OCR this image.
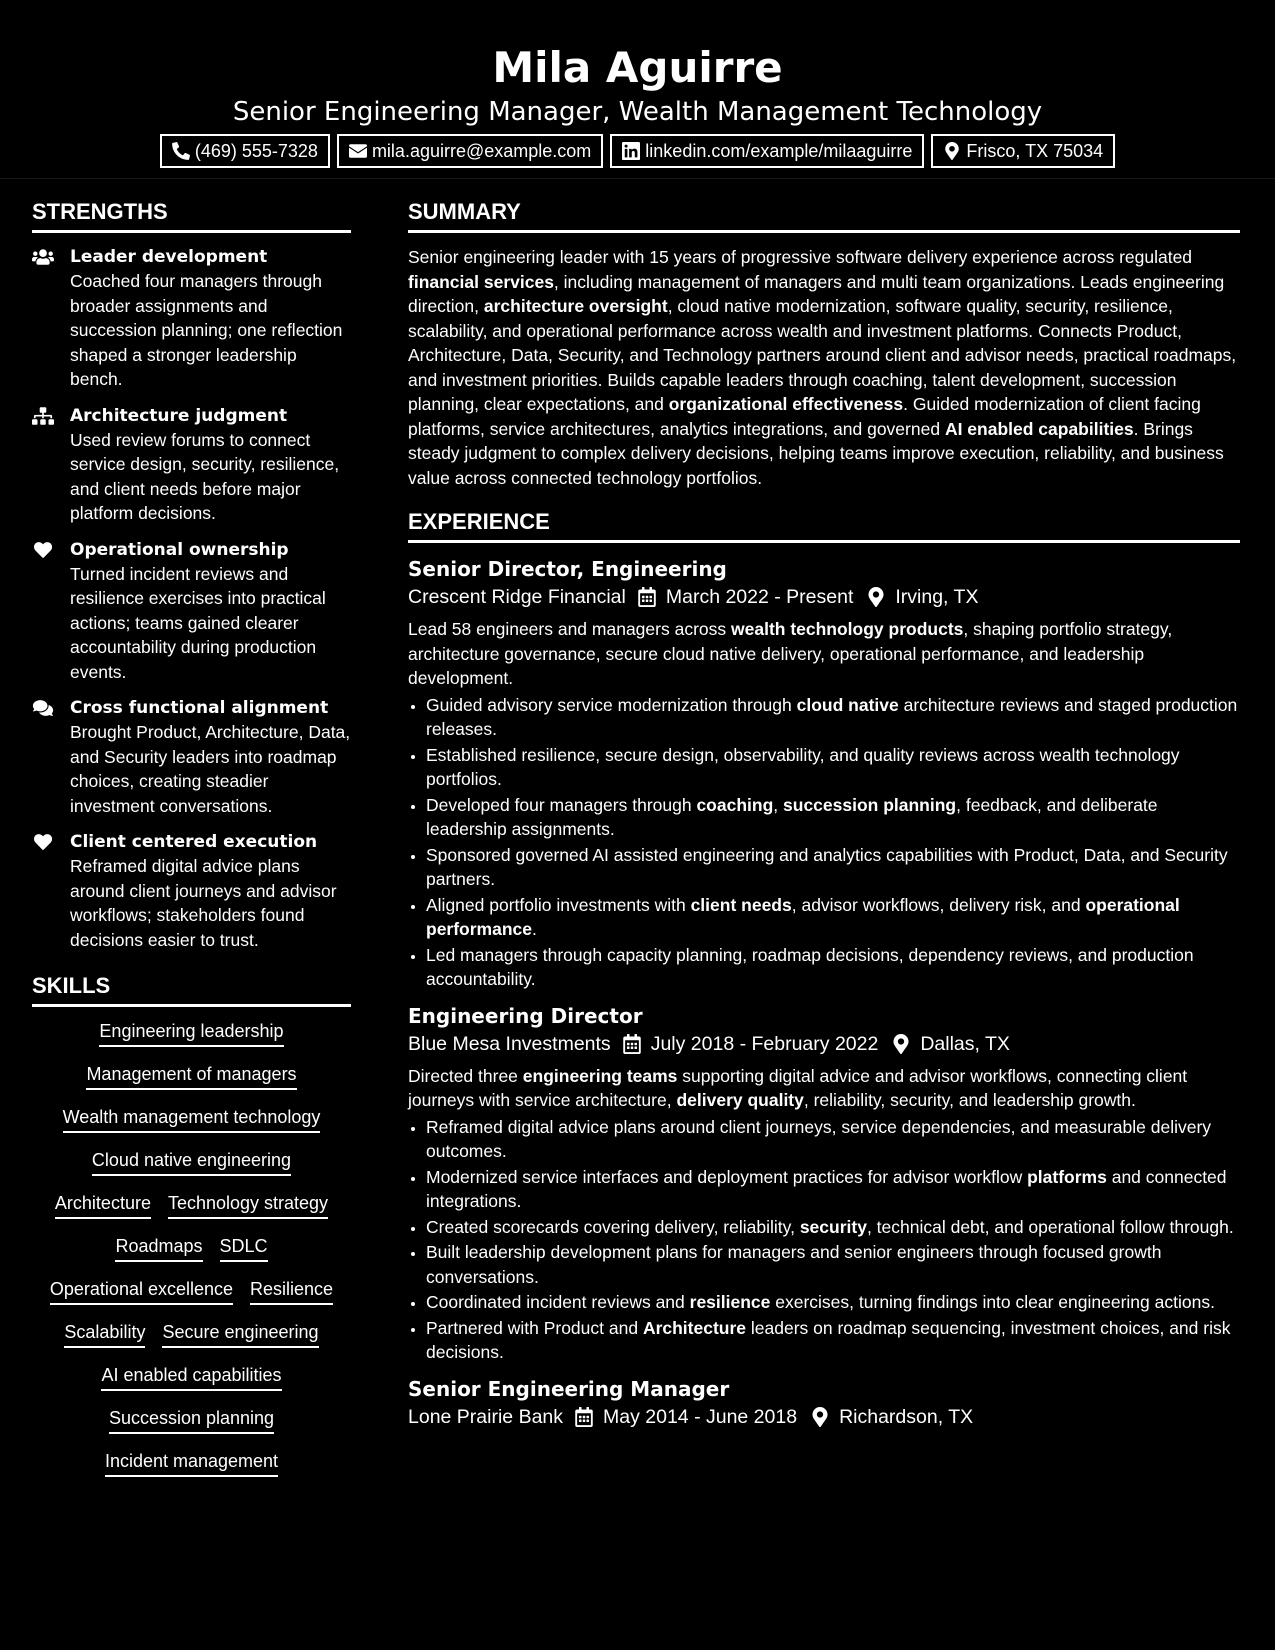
Mila Aguirre
Senior Engineering Manager, Wealth Management Technology
(469) 555-7328	mila.aguirre@example.com	linkedin.com/example/milaaguirre	Frisco, TX 75034
STRENGTHS
Leader development
Coached four managers through broader assignments and succession planning; one reflection shaped a stronger leadership bench.
Architecture judgment
Used review forums to connect service design, security, resilience, and client needs before major platform decisions.
Operational ownership
Turned incident reviews and resilience exercises into practical actions; teams gained clearer accountability during production events.
Cross functional alignment
Brought Product, Architecture, Data, and Security leaders into roadmap choices, creating steadier investment conversations.
Client centered execution
Reframed digital advice plans around client journeys and advisor workflows; stakeholders found decisions easier to trust.
SKILLS
Engineering leadership
Management of managers
Wealth management technology
Cloud native engineering
Architecture Technology strategy
Roadmaps SDLC
Operational excellence Resilience
Scalability Secure engineering
AI enabled capabilities
Succession planning
Incident management
SUMMARY

Senior engineering leader with 15 years of progressive software delivery experience across regulated financial services, including management of managers and multi team organizations. Leads engineering direction, architecture oversight, cloud native modernization, software quality, security, resilience, scalability, and operational performance across wealth and investment platforms. Connects Product, Architecture, Data, Security, and Technology partners around client and advisor needs, practical roadmaps, and investment priorities. Builds capable leaders through coaching, talent development, succession planning, clear expectations, and organizational effectiveness. Guided modernization of client facing platforms, service architectures, analytics integrations, and governed AI enabled capabilities. Brings steady judgment to complex delivery decisions, helping teams improve execution, reliability, and business value across connected technology portfolios.

EXPERIENCE
Senior Director, Engineering
Crescent Ridge Financial March 2022 - Present Irving, TX
Lead 58 engineers and managers across wealth technology products, shaping portfolio strategy, architecture governance, secure cloud native delivery, operational performance, and leadership development.
• Guided advisory service modernization through cloud native architecture reviews and staged production releases.
• Established resilience, secure design, observability, and quality reviews across wealth technology portfolios.
• Developed four managers through coaching, succession planning, feedback, and deliberate leadership assignments.
• Sponsored governed AI assisted engineering and analytics capabilities with Product, Data, and Security partners.
• Aligned portfolio investments with client needs, advisor workflows, delivery risk, and operational performance.
• Led managers through capacity planning, roadmap decisions, dependency reviews, and production accountability.
Engineering Director
Blue Mesa Investments July 2018 - February 2022 Dallas, TX
Directed three engineering teams supporting digital advice and advisor workflows, connecting client journeys with service architecture, delivery quality, reliability, security, and leadership growth.
• Reframed digital advice plans around client journeys, service dependencies, and measurable delivery outcomes.
• Modernized service interfaces and deployment practices for advisor workflow platforms and connected integrations.
• Created scorecards covering delivery, reliability, security, technical debt, and operational follow through.
• Built leadership development plans for managers and senior engineers through focused growth conversations.
• Coordinated incident reviews and resilience exercises, turning findings into clear engineering actions.
• Partnered with Product and Architecture leaders on roadmap sequencing, investment choices, and risk decisions.
Senior Engineering Manager
Lone Prairie Bank May 2014 - June 2018 Richardson, TX
